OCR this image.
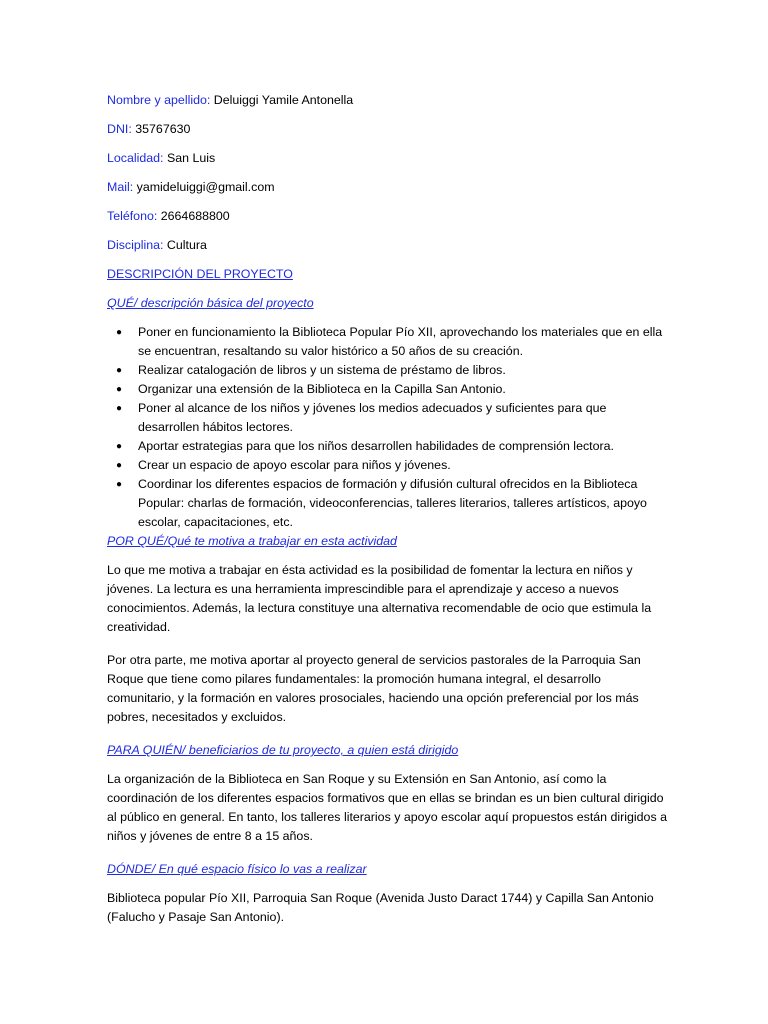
Nombre y apellido: Deluiggi Yamile Antonella
DNI: 35767630
Localidad: San Luis
Mail: yamideluiggi@gmail.com
Teléfono: 2664688800
Disciplina: Cultura
DESCRIPCIÓN DEL PROYECTO
QUÉ/ descripción básica del proyecto
● Poner en funcionamiento la Biblioteca Popular Pío XII, aprovechando los materiales que en ella se encuentran, resaltando su valor histórico a 50 años de su creación.
● Realizar catalogación de libros y un sistema de préstamo de libros.
● Organizar una extensión de la Biblioteca en la Capilla San Antonio.
● Poner al alcance de los niños y jóvenes los medios adecuados y suficientes para que desarrollen hábitos lectores.
● Aportar estrategias para que los niños desarrollen habilidades de comprensión lectora.
● Crear un espacio de apoyo escolar para niños y jóvenes.
● Coordinar los diferentes espacios de formación y difusión cultural ofrecidos en la Biblioteca Popular: charlas de formación, videoconferencias, talleres literarios, talleres artísticos, apoyo escolar, capacitaciones, etc.
POR QUÉ/Qué te motiva a trabajar en esta actividad

Lo que me motiva a trabajar en ésta actividad es la posibilidad de fomentar la lectura en niños y jóvenes. La lectura es una herramienta imprescindible para el aprendizaje y acceso a nuevos conocimientos. Además, la lectura constituye una alternativa recomendable de ocio que estimula la creatividad.

Por otra parte, me motiva aportar al proyecto general de servicios pastorales de la Parroquia San Roque que tiene como pilares fundamentales: la promoción humana integral, el desarrollo comunitario, y la formación en valores prosociales, haciendo una opción preferencial por los más pobres, necesitados y excluidos.

PARA QUIÉN/ beneficiarios de tu proyecto, a quien está dirigido

La organización de la Biblioteca en San Roque y su Extensión en San Antonio, así como la coordinación de los diferentes espacios formativos que en ellas se brindan es un bien cultural dirigido al público en general. En tanto, los talleres literarios y apoyo escolar aquí propuestos están dirigidos a niños y jóvenes de entre 8 a 15 años.

DÓNDE/ En qué espacio físico lo vas a realizar

Biblioteca popular Pío XII, Parroquia San Roque (Avenida Justo Daract 1744) y Capilla San Antonio (Falucho y Pasaje San Antonio).
